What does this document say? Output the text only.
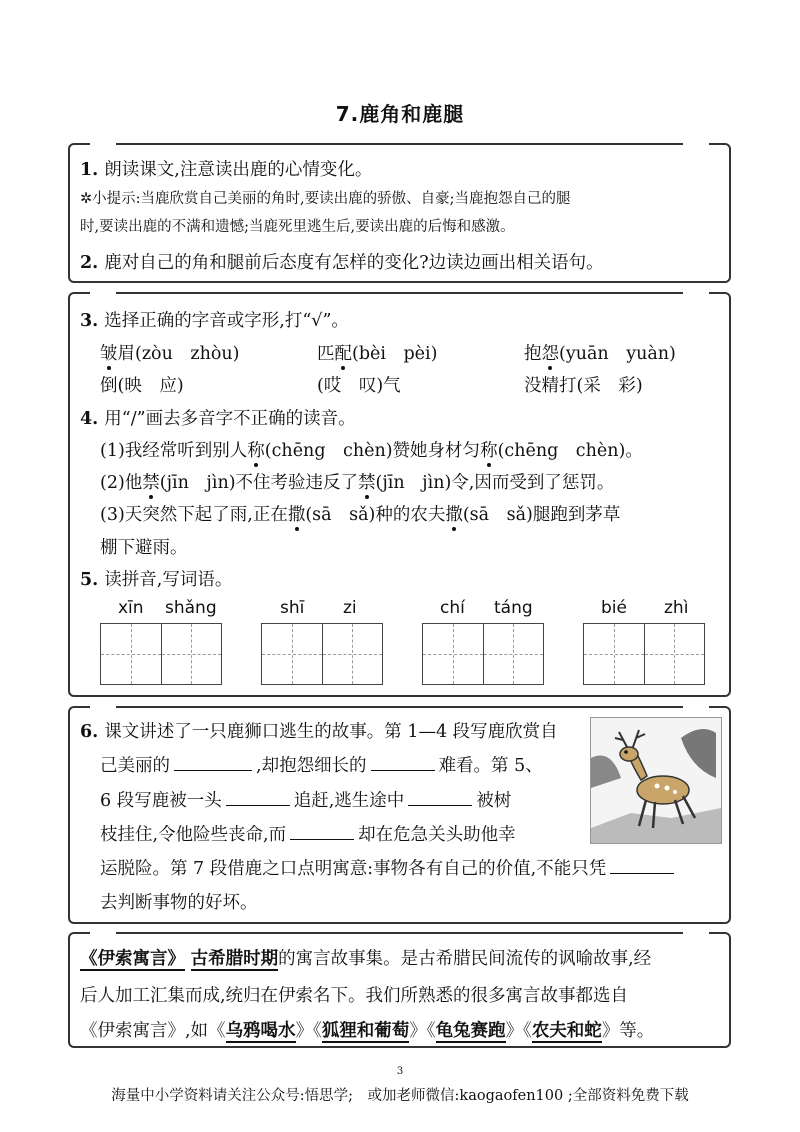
7.鹿角和鹿腿
1. 朗读课文,注意读出鹿的心情变化。
✲小提示:当鹿欣赏自己美丽的角时,要读出鹿的骄傲、自豪;当鹿抱怨自己的腿
时,要读出鹿的不满和遗憾;当鹿死里逃生后,要读出鹿的后悔和感激。
2. 鹿对自己的角和腿前后态度有怎样的变化?边读边画出相关语句。
3. 选择正确的字音或字形,打“√”。
皱眉(zòu　zhòu)	匹配(bèi　pèi)	抱怨(yuān　yuàn)
倒(映　应)	(哎　叹)气	没精打(采　彩)
4. 用“/”画去多音字不正确的读音。
(1)我经常听到别人称(chēng　chèn)赞她身材匀称(chēng　chèn)。
(2)他禁(jīn　jìn)不住考验违反了禁(jīn　jìn)令,因而受到了惩罚。
(3)天突然下起了雨,正在撒(sā　sǎ)种的农夫撒(sā　sǎ)腿跑到茅草
棚下避雨。
5. 读拼音,写词语。
xīn shǎng	shī zi	chí táng	bié zhì
6. 课文讲述了一只鹿狮口逃生的故事。第 1—4 段写鹿欣赏自
己美丽的	,却抱怨细长的	难看。第 5、
6 段写鹿被一头	追赶,逃生途中	被树
枝挂住,令他险些丧命,而	却在危急关头助他幸
运脱险。第 7 段借鹿之口点明寓意:事物各有自己的价值,不能只凭
去判断事物的好坏。
《伊索寓言》 古希腊时期的寓言故事集。是古希腊民间流传的讽喻故事,经
后人加工汇集而成,统归在伊索名下。我们所熟悉的很多寓言故事都选自
《伊索寓言》,如《乌鸦喝水》《狐狸和葡萄》《龟兔赛跑》《农夫和蛇》等。
3
海量中小学资料请关注公众号:悟思学;　或加老师微信:kaogaofen100 ;全部资料免费下载
